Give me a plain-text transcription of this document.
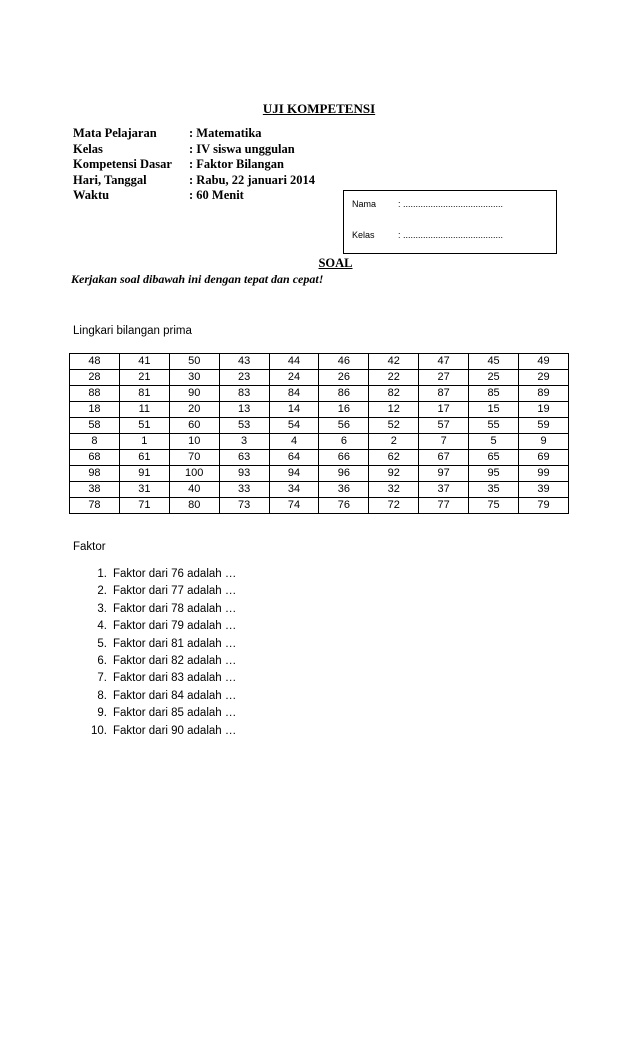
UJI KOMPETENSI
Mata Pelajaran	: Matematika
Kelas	: IV siswa unggulan
Kompetensi Dasar	: Faktor Bilangan
Hari, Tanggal	: Rabu, 22 januari 2014
Waktu	: 60 Menit
Nama	: ........................................
Kelas	: ........................................
SOAL
Kerjakan soal dibawah ini dengan tepat dan cepat!
Lingkari bilangan prima
48	41	50	43	44	46	42	47	45	49
28	21	30	23	24	26	22	27	25	29
88	81	90	83	84	86	82	87	85	89
18	11	20	13	14	16	12	17	15	19
58	51	60	53	54	56	52	57	55	59
8	1	10	3	4	6	2	7	5	9
68	61	70	63	64	66	62	67	65	69
98	91	100	93	94	96	92	97	95	99
38	31	40	33	34	36	32	37	35	39
78	71	80	73	74	76	72	77	75	79
Faktor
1. Faktor dari 76 adalah …
2. Faktor dari 77 adalah …
3. Faktor dari 78 adalah …
4. Faktor dari 79 adalah …
5. Faktor dari 81 adalah …
6. Faktor dari 82 adalah …
7. Faktor dari 83 adalah …
8. Faktor dari 84 adalah …
9. Faktor dari 85 adalah …
10. Faktor dari 90 adalah …
